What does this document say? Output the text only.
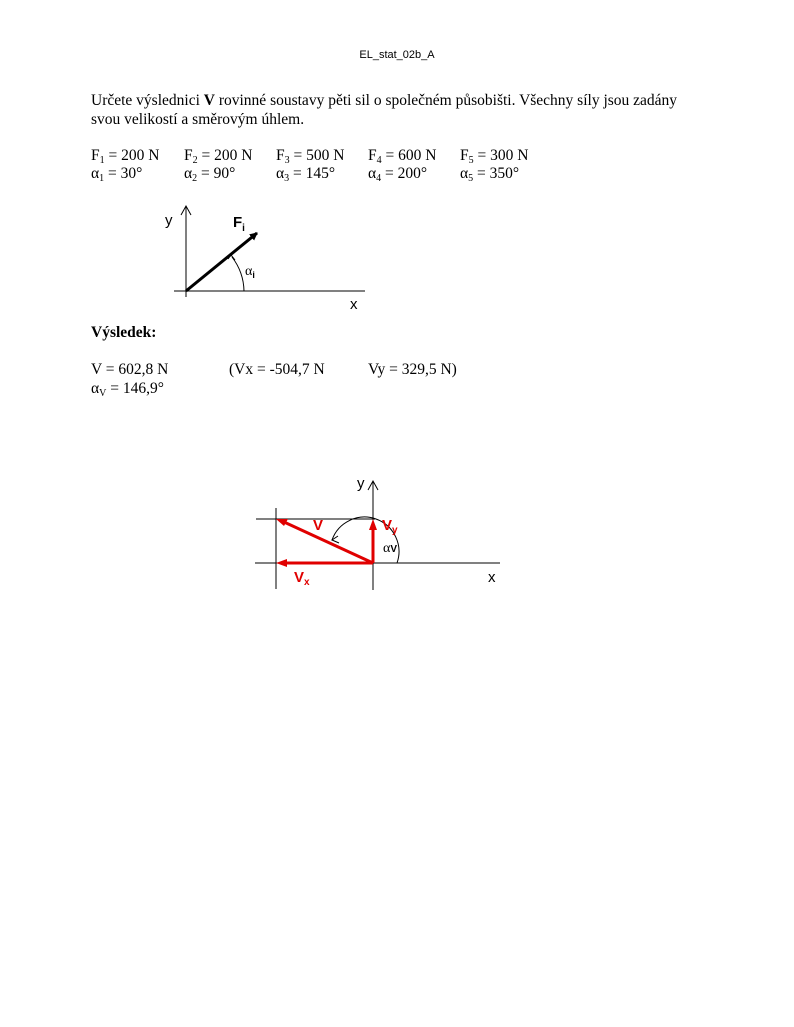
EL_stat_02b_A
Určete výslednici V rovinné soustavy pěti sil o společném působišti. Všechny síly jsou zadány
svou velikostí a směrovým úhlem.
$F_1 = 200$ N $F_2 = 200$ N $F_3 = 500$ N $F_4 = 600$ N $F_5 = 300$ N
$\alpha_1 = 30^\circ$	$\alpha_2 = 90^\circ$	$\alpha_3 = 145^\circ$ $\alpha_4 = 200^\circ$ $\alpha_5 = 350^\circ$
y
x
$F_i$
$\alpha_i$
Výsledek:
V = 602,8 N	(Vx = -504,7 N	Vy = 329,5 N)
$\alpha_V = 146,9^\circ$
y
x
V	$V_y$
$V_x$
αV
